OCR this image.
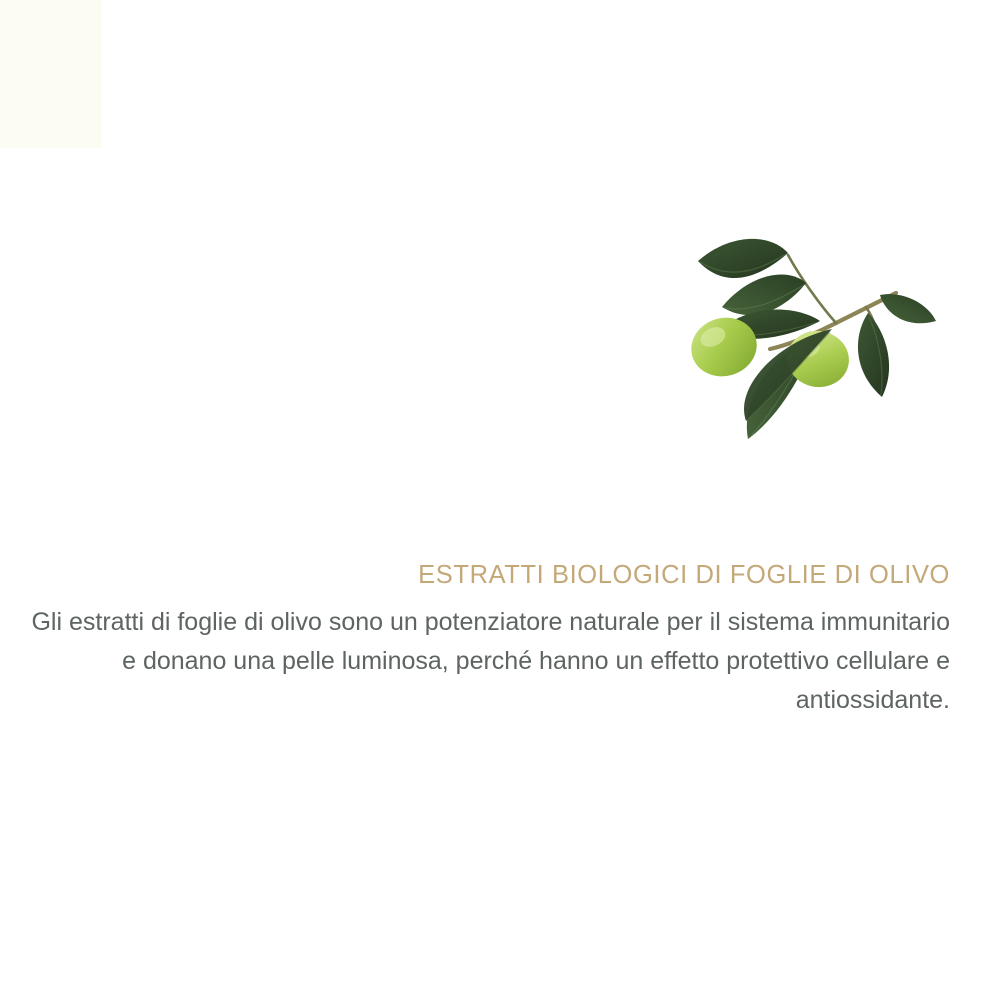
ESTRATTI BIOLOGICI DI FOGLIE DI OLIVO

Gli estratti di foglie di olivo sono un potenziatore naturale per il sistema immunitario e donano una pelle luminosa, perché hanno un effetto protettivo cellulare e antiossidante.
